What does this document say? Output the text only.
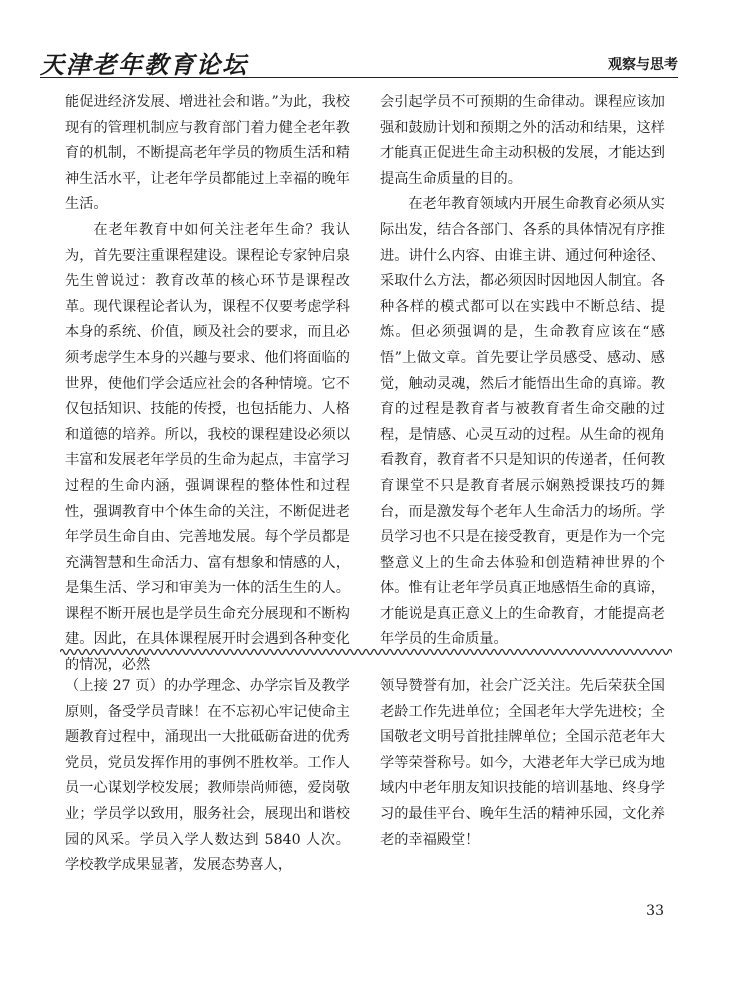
天津老年教育论坛	观察与思考

能促进经济发展、增进社会和谐。”为此，我校现有的管理机制应与教育部门着力健全老年教育的机制，不断提高老年学员的物质生活和精神生活水平，让老年学员都能过上幸福的晚年生活。

在老年教育中如何关注老年生命？我认为，首先要注重课程建设。课程论专家钟启泉先生曾说过：教育改革的核心环节是课程改革。现代课程论者认为，课程不仅要考虑学科本身的系统、价值，顾及社会的要求，而且必须考虑学生本身的兴趣与要求、他们将面临的世界，使他们学会适应社会的各种情境。它不仅包括知识、技能的传授，也包括能力、人格和道德的培养。所以，我校的课程建设必须以丰富和发展老年学员的生命为起点，丰富学习过程的生命内涵，强调课程的整体性和过程性，强调教育中个体生命的关注，不断促进老年学员生命自由、完善地发展。每个学员都是充满智慧和生命活力、富有想象和情感的人，是集生活、学习和审美为一体的活生生的人。课程不断开展也是学员生命充分展现和不断构建。因此，在具体课程展开时会遇到各种变化的情况，必然

会引起学员不可预期的生命律动。课程应该加强和鼓励计划和预期之外的活动和结果，这样才能真正促进生命主动积极的发展，才能达到提高生命质量的目的。

在老年教育领域内开展生命教育必须从实际出发，结合各部门、各系的具体情况有序推进。讲什么内容、由谁主讲、通过何种途径、采取什么方法，都必须因时因地因人制宜。各种各样的模式都可以在实践中不断总结、提炼。但必须强调的是，生命教育应该在“感悟”上做文章。首先要让学员感受、感动、感觉，触动灵魂，然后才能悟出生命的真谛。教育的过程是教育者与被教育者生命交融的过程，是情感、心灵互动的过程。从生命的视角看教育，教育者不只是知识的传递者，任何教育课堂不只是教育者展示娴熟授课技巧的舞台，而是激发每个老年人生命活力的场所。学员学习也不只是在接受教育，更是作为一个完整意义上的生命去体验和创造精神世界的个体。惟有让老年学员真正地感悟生命的真谛，才能说是真正意义上的生命教育，才能提高老年学员的生命质量。

（上接 27 页）的办学理念、办学宗旨及教学原则，备受学员青睐！在不忘初心牢记使命主题教育过程中，涌现出一大批砥砺奋进的优秀党员，党员发挥作用的事例不胜枚举。工作人员一心谋划学校发展；教师崇尚师德，爱岗敬业；学员学以致用，服务社会，展现出和谐校园的风采。学员入学人数达到 5840 人次。学校教学成果显著，发展态势喜人，

领导赞誉有加，社会广泛关注。先后荣获全国老龄工作先进单位；全国老年大学先进校；全国敬老文明号首批挂牌单位；全国示范老年大学等荣誉称号。如今，大港老年大学已成为地域内中老年朋友知识技能的培训基地、终身学习的最佳平台、晚年生活的精神乐园，文化养老的幸福殿堂！

33
